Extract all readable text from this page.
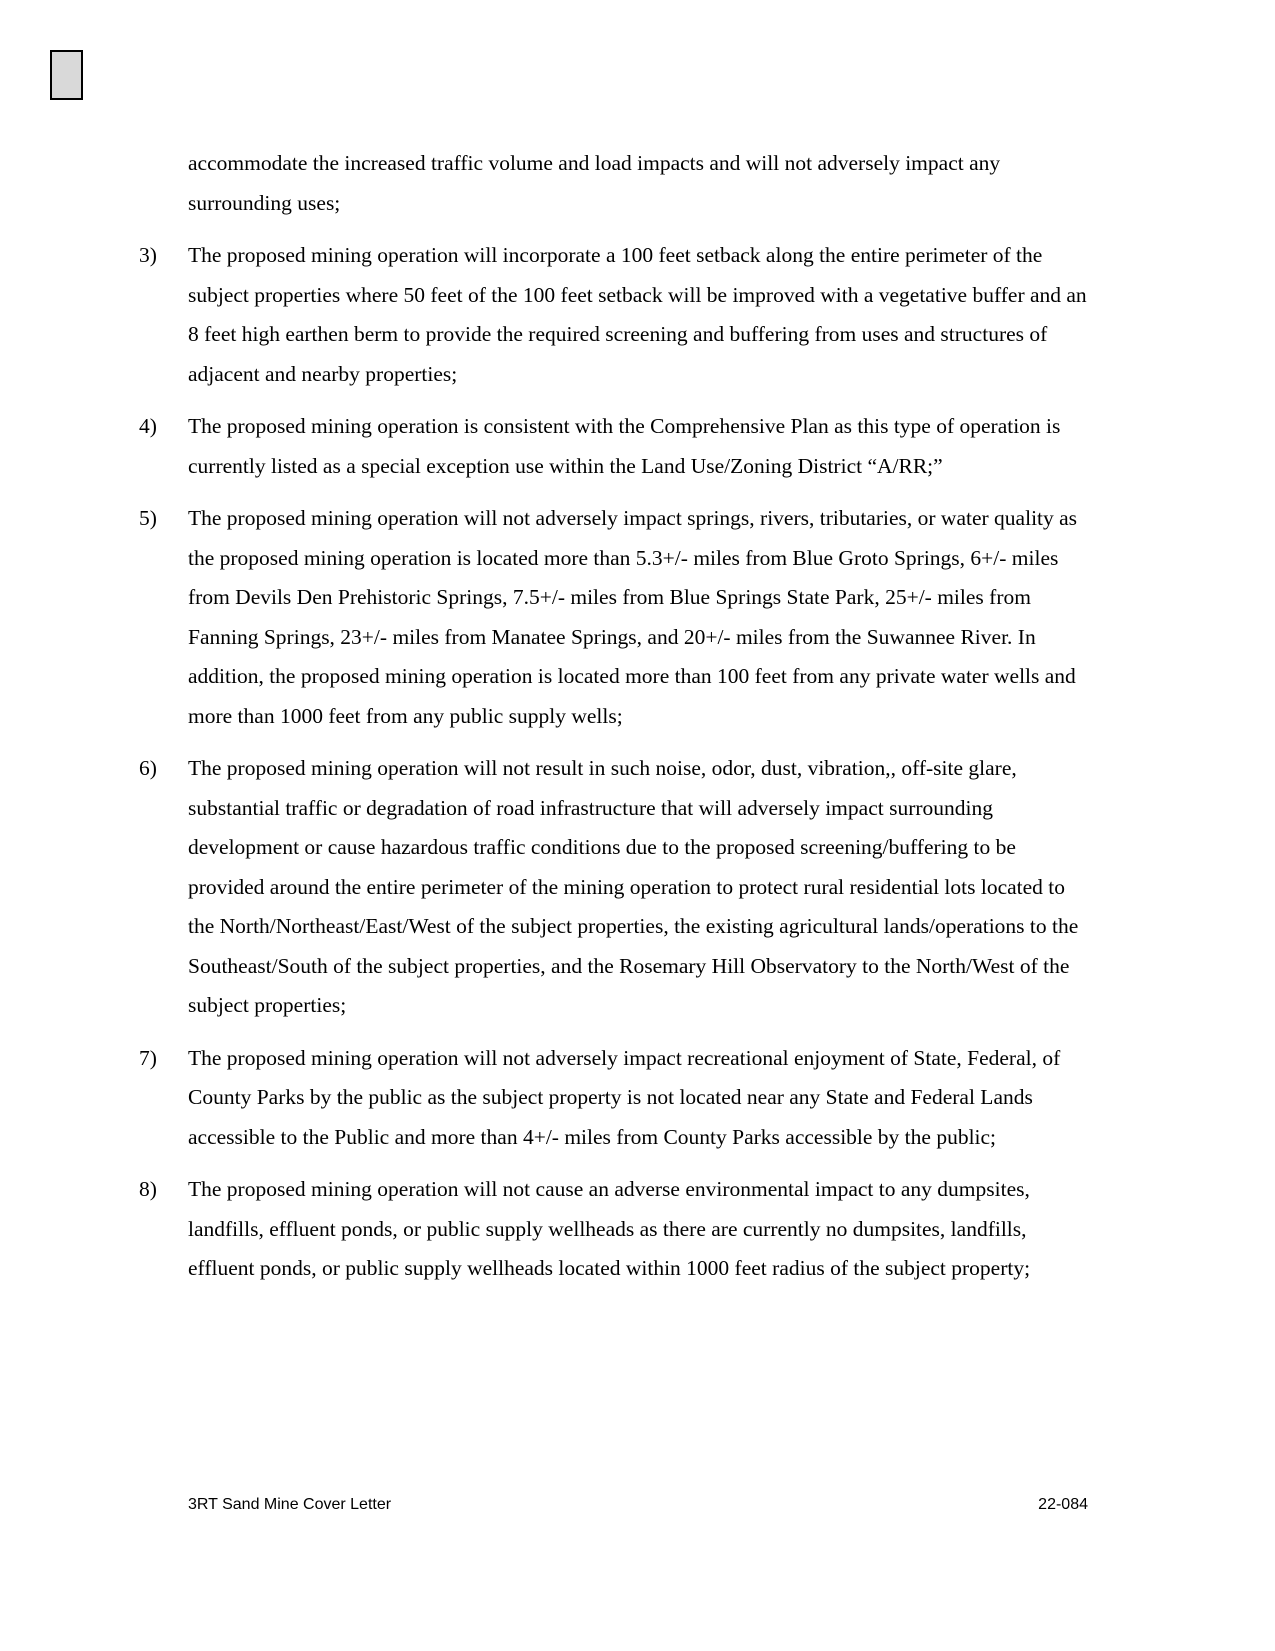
accommodate the increased traffic volume and load impacts and will not adversely impact any surrounding uses;

3) The proposed mining operation will incorporate a 100 feet setback along the entire perimeter of the subject properties where 50 feet of the 100 feet setback will be improved with a vegetative buffer and an 8 feet high earthen berm to provide the required screening and buffering from uses and structures of adjacent and nearby properties;

4) The proposed mining operation is consistent with the Comprehensive Plan as this type of operation is currently listed as a special exception use within the Land Use/Zoning District “A/RR;”

5) The proposed mining operation will not adversely impact springs, rivers, tributaries, or water quality as the proposed mining operation is located more than 5.3+/- miles from Blue Groto Springs, 6+/- miles from Devils Den Prehistoric Springs, 7.5+/- miles from Blue Springs State Park, 25+/- miles from Fanning Springs, 23+/- miles from Manatee Springs, and 20+/- miles from the Suwannee River. In addition, the proposed mining operation is located more than 100 feet from any private water wells and more than 1000 feet from any public supply wells;

6) The proposed mining operation will not result in such noise, odor, dust, vibration,, off-site glare, substantial traffic or degradation of road infrastructure that will adversely impact surrounding development or cause hazardous traffic conditions due to the proposed screening/buffering to be provided around the entire perimeter of the mining operation to protect rural residential lots located to the North/Northeast/East/West of the subject properties, the existing agricultural lands/operations to the Southeast/South of the subject properties, and the Rosemary Hill Observatory to the North/West of the subject properties;

7) The proposed mining operation will not adversely impact recreational enjoyment of State, Federal, of County Parks by the public as the subject property is not located near any State and Federal Lands accessible to the Public and more than 4+/- miles from County Parks accessible by the public;

8) The proposed mining operation will not cause an adverse environmental impact to any dumpsites, landfills, effluent ponds, or public supply wellheads as there are currently no dumpsites, landfills, effluent ponds, or public supply wellheads located within 1000 feet radius of the subject property;

3RT Sand Mine Cover Letter	22-084
